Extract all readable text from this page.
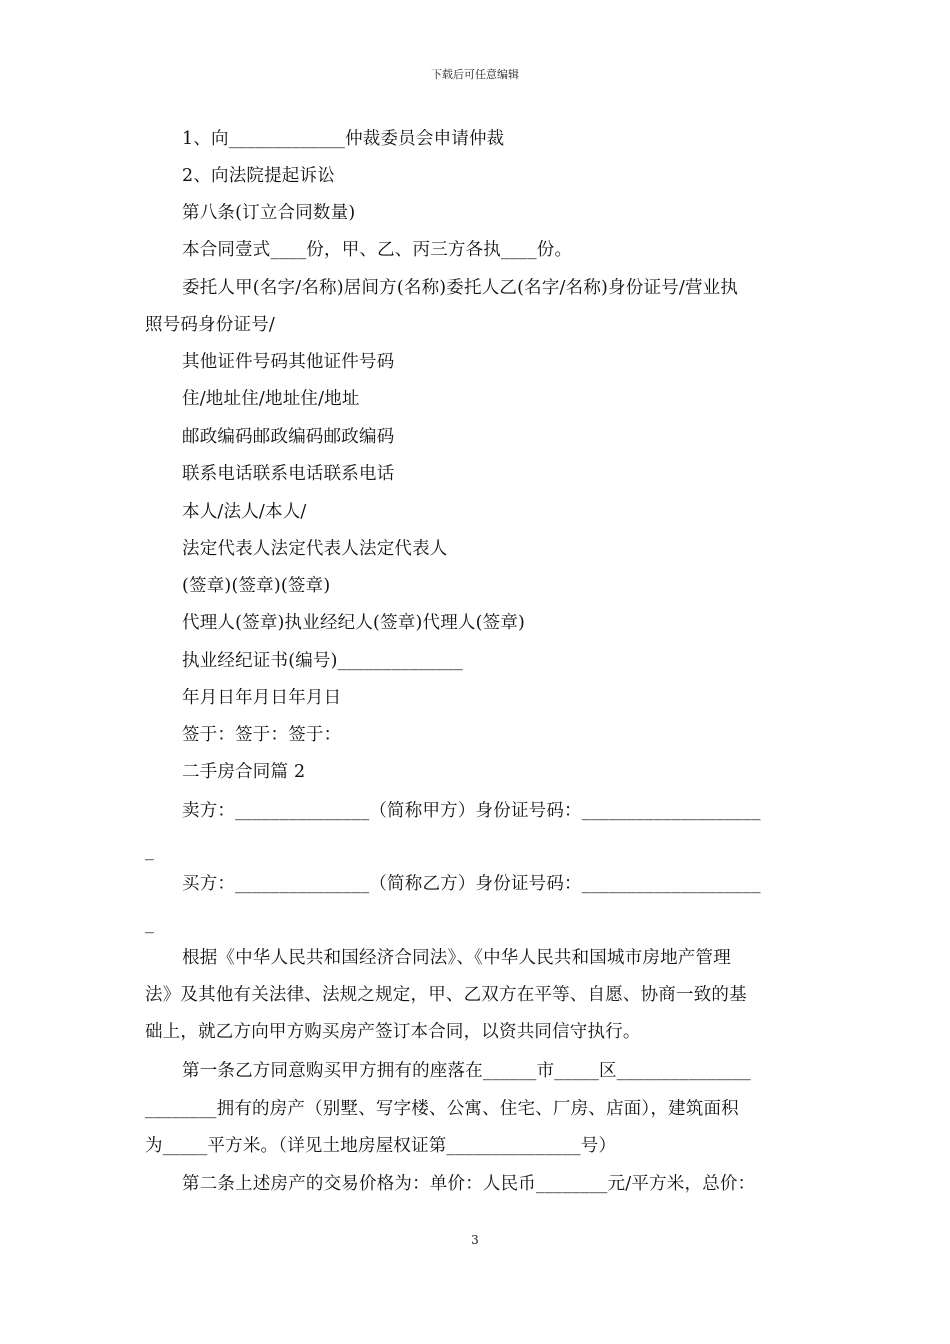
下载后可任意编辑
1、向_____________仲裁委员会申请仲裁
2、向法院提起诉讼
第八条(订立合同数量)
本合同壹式____份，甲、乙、丙三方各执____份。
委托人甲(名字/名称)居间方(名称)委托人乙(名字/名称)身份证号/营业执
照号码身份证号/
其他证件号码其他证件号码
住/地址住/地址住/地址
邮政编码邮政编码邮政编码
联系电话联系电话联系电话
本人/法人/本人/
法定代表人法定代表人法定代表人
(签章)(签章)(签章)
代理人(签章)执业经纪人(签章)代理人(签章)
执业经纪证书(编号)______________
年月日年月日年月日
签于：签于：签于：
二手房合同篇 2
卖方：_______________（简称甲方）身份证号码：____________________
_
买方：_______________（简称乙方）身份证号码：____________________
_
根据《中华人民共和国经济合同法》、《中华人民共和国城市房地产管理
法》及其他有关法律、法规之规定，甲、乙双方在平等、自愿、协商一致的基
础上，就乙方向甲方购买房产签订本合同，以资共同信守执行。
第一条乙方同意购买甲方拥有的座落在______市_____区_______________
________拥有的房产（别墅、写字楼、公寓、住宅、厂房、店面），建筑面积
为_____平方米。（详见土地房屋权证第_______________号）
第二条上述房产的交易价格为：单价：人民币________元/平方米，总价：
3
